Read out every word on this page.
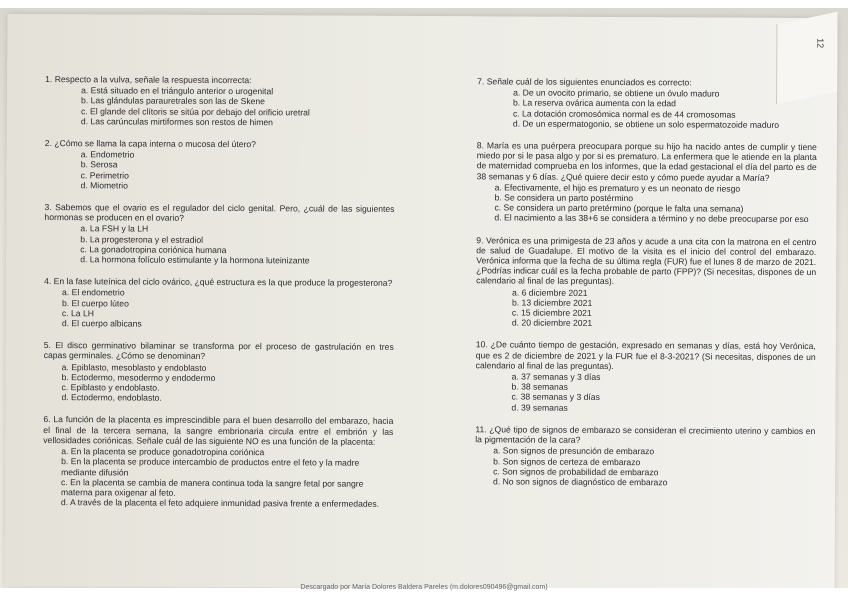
12

1. Respecto a la vulva, señale la respuesta incorrecta:

a. Está situado en el triángulo anterior o urogenital
b. Las glándulas parauretrales son las de Skene
c. El glande del clítoris se sitúa por debajo del orificio uretral
d. Las carúnculas mirtiformes son restos de himen

2. ¿Cómo se llama la capa interna o mucosa del útero?

a. Endometrio
b. Serosa
c. Perimetrio
d. Miometrio

3. Sabemos que el ovario es el regulador del ciclo genital. Pero, ¿cuál de las siguientes hormonas se producen en el ovario?

a. La FSH y la LH
b. La progesterona y el estradiol
c. La gonadotropina coriónica humana
d. La hormona folículo estimulante y la hormona luteinizante

4. En la fase luteínica del ciclo ovárico, ¿qué estructura es la que produce la progesterona?

a. El endometrio
b. El cuerpo lúteo
c. La LH
d. El cuerpo albicans

5. El disco germinativo bilaminar se transforma por el proceso de gastrulación en tres capas germinales. ¿Cómo se denominan?

a. Epiblasto, mesoblasto y endoblasto
b. Ectodermo, mesodermo y endodermo
c. Epiblasto y endoblasto.
d. Ectodermo, endoblasto.

6. La función de la placenta es imprescindible para el buen desarrollo del embarazo, hacia el final de la tercera semana, la sangre embrionaria circula entre el embrión y las vellosidades coriónicas. Señale cuál de las siguiente NO es una función de la placenta:

a. En la placenta se produce gonadotropina coriónica
b. En la placenta se produce intercambio de productos entre el feto y la madre mediante difusión
c. En la placenta se cambia de manera continua toda la sangre fetal por sangre materna para oxigenar al feto.
d. A través de la placenta el feto adquiere inmunidad pasiva frente a enfermedades.

7. Señale cuál de los siguientes enunciados es correcto:

a. De un ovocito primario, se obtiene un óvulo maduro
b. La reserva ovárica aumenta con la edad
c. La dotación cromosómica normal es de 44 cromosomas
d. De un espermatogonio, se obtiene un solo espermatozoide maduro

8. María es una puérpera preocupara porque su hijo ha nacido antes de cumplir y tiene miedo por si le pasa algo y por si es prematuro. La enfermera que le atiende en la planta de maternidad comprueba en los informes, que la edad gestacional el día del parto es de 38 semanas y 6 días. ¿Qué quiere decir esto y cómo puede ayudar a María?

a. Efectivamente, el hijo es prematuro y es un neonato de riesgo
b. Se considera un parto postérmino
c. Se considera un parto pretérmino (porque le falta una semana)
d. El nacimiento a las 38+6 se considera a término y no debe preocuparse por eso

9. Verónica es una primigesta de 23 años y acude a una cita con la matrona en el centro de salud de Guadalupe. El motivo de la visita es el inicio del control del embarazo. Verónica informa que la fecha de su última regla (FUR) fue el lunes 8 de marzo de 2021. ¿Podrías indicar cuál es la fecha probable de parto (FPP)? (Si necesitas, dispones de un calendario al final de las preguntas).

a. 6 diciembre 2021
b. 13 diciembre 2021
c. 15 diciembre 2021
d. 20 diciembre 2021

10. ¿De cuánto tiempo de gestación, expresado en semanas y días, está hoy Verónica, que es 2 de diciembre de 2021 y la FUR fue el 8-3-2021? (Si necesitas, dispones de un calendario al final de las preguntas).

a. 37 semanas y 3 días
b. 38 semanas
c. 38 semanas y 3 días
d. 39 semanas

11. ¿Qué tipo de signos de embarazo se consideran el crecimiento uterino y cambios en la pigmentación de la cara?

a. Son signos de presunción de embarazo
b. Son signos de certeza de embarazo
c. Son signos de probabilidad de embarazo
d. No son signos de diagnóstico de embarazo
Descargado por María Dolores Baldera Pareles (m.dolores090496@gmail.com)
